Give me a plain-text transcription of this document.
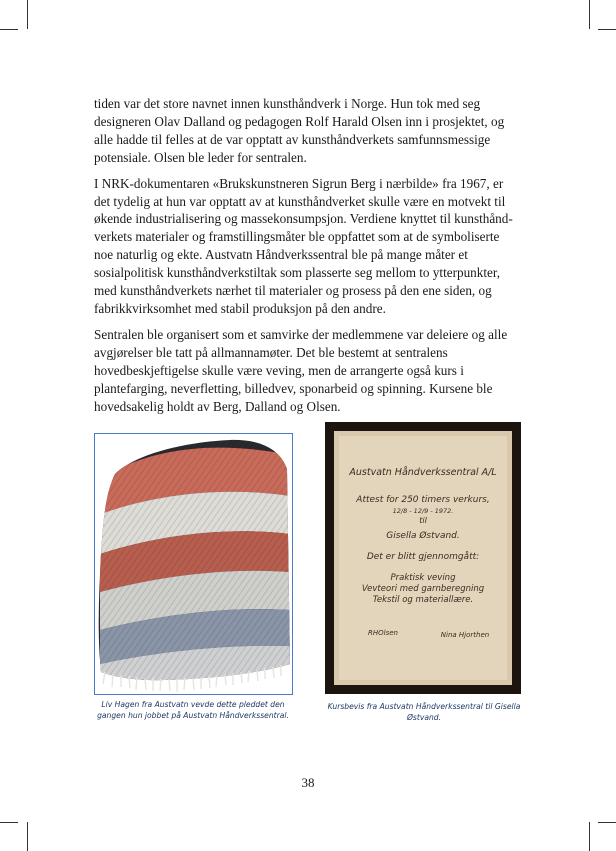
tiden var det store navnet innen kunsthåndverk i Norge. Hun tok med seg designeren Olav Dalland og pedagogen Rolf Harald Olsen inn i prosjektet, og alle hadde til felles at de var opptatt av kunsthåndverkets samfunnsmessige potensiale. Olsen ble leder for sentralen.

I NRK-dokumentaren «Brukskunstneren Sigrun Berg i nærbilde» fra 1967, er det tydelig at hun var opptatt av at kunsthåndverket skulle være en motvekt til økende industrialisering og massekonsumpsjon. Verdiene knyttet til kunsthånd-verkets materialer og framstillingsmåter ble oppfattet som at de symboliserte noe naturlig og ekte. Austvatn Håndverkssentral ble på mange måter et sosialpolitisk kunsthåndverkstiltak som plasserte seg mellom to ytterpunkter, med kunsthåndverkets nærhet til materialer og prosess på den ene siden, og fabrikkvirksomhet med stabil produksjon på den andre.

Sentralen ble organisert som et samvirke der medlemmene var deleiere og alle avgjørelser ble tatt på allmannamøter. Det ble bestemt at sentralens hovedbeskjeftigelse skulle være veving, men de arrangerte også kurs i plantefarging, neverfletting, billedvev, sponarbeid og spinning. Kursene ble hovedsakelig holdt av Berg, Dalland og Olsen.

Austvatn Håndverkssentral A/L
Attest for 250 timers verkurs,
12/8 - 12/9 - 1972.
til
Gisella Østvand.
Det er blitt gjennomgått:
Praktisk veving
Vevteori med garnberegning
Tekstil og materiallære.
RHOlsen	Nina Hjorthen
Liv Hagen fra Austvatn vevde dette pleddet den gangen hun jobbet på Austvatn Håndverkssentral.
Kursbevis fra Austvatn Håndverkssentral til Gisella Østvand.
38
